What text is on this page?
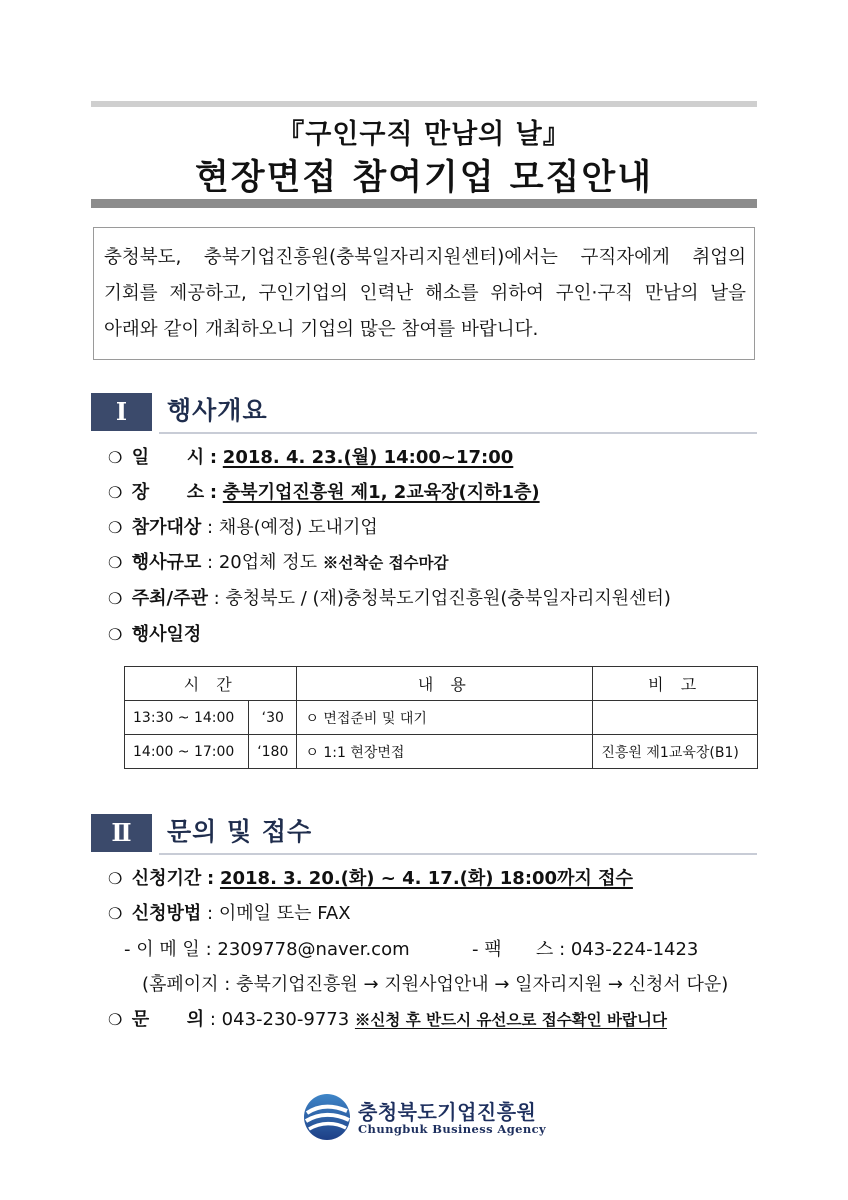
『구인구직 만남의 날』
현장면접 참여기업 모집안내
충청북도, 충북기업진흥원(충북일자리지원센터)에서는 구직자에게 취업의
기회를 제공하고, 구인기업의 인력난 해소를 위하여 구인·구직 만남의 날을
아래와 같이 개최하오니 기업의 많은 참여를 바랍니다.
Ⅰ	행사개요
❍ 일      시 : 2018. 4. 23.(월) 14:00~17:00
❍ 장      소 : 충북기업진흥원 제1, 2교육장(지하1층)
❍ 참가대상 : 채용(예정) 도내기업
❍ 행사규모 : 20업체 정도 ※선착순 접수마감
❍ 주최/주관 : 충청북도 / (재)충청북도기업진흥원(충북일자리지원센터)
❍ 행사일정
시 간		내 용	비 고
13:30 ~ 14:00	‘30	ㅇ 면접준비 및 대기	
14:00 ~ 17:00	‘180	ㅇ 1:1 현장면접	진흥원 제1교육장(B1)
Ⅱ	문의 및 접수
❍ 신청기간 : 2018. 3. 20.(화) ~ 4. 17.(화) 18:00까지 접수
❍ 신청방법 : 이메일 또는 FAX
- 이 메 일 : 2309778@naver.com	- 팩      스 : 043-224-1423
(홈페이지 : 충북기업진흥원 → 지원사업안내 → 일자리지원 → 신청서 다운)
❍ 문      의 : 043-230-9773 ※신청 후 반드시 유선으로 접수확인 바랍니다
충청북도기업진흥원
Chungbuk Business Agency
